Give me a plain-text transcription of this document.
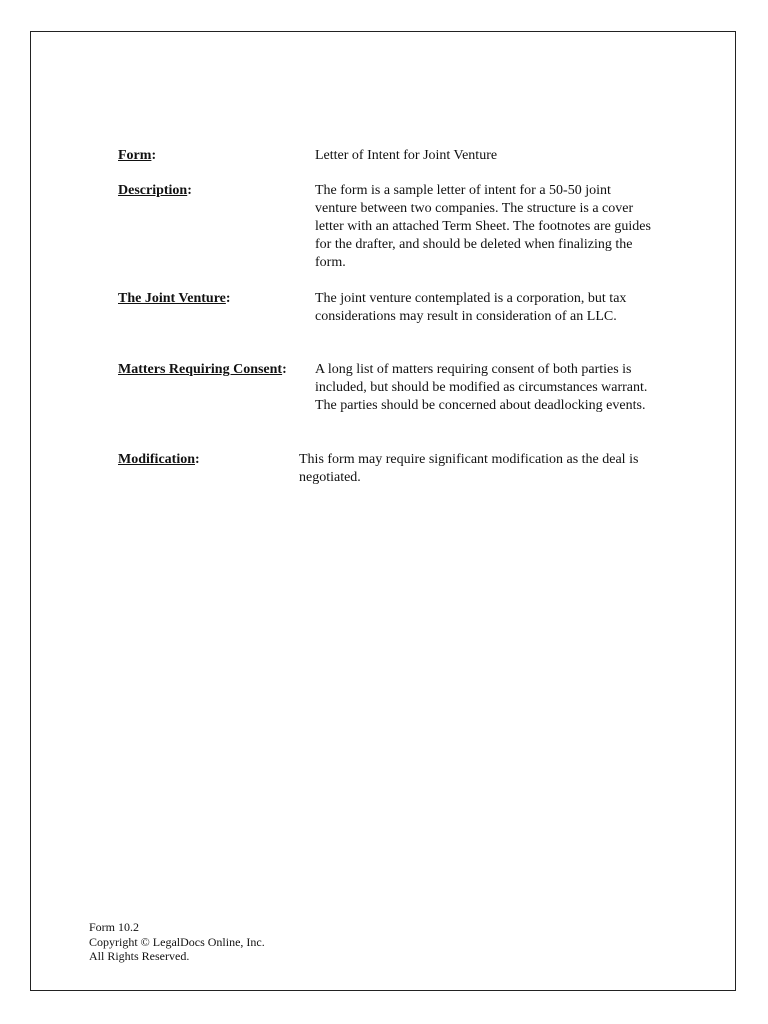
Form:	Letter of Intent for Joint Venture
Description:	The form is a sample letter of intent for a 50-50 joint venture between two companies. The structure is a cover letter with an attached Term Sheet. The footnotes are guides for the drafter, and should be deleted when finalizing the form.
The Joint Venture:	The joint venture contemplated is a corporation, but tax considerations may result in consideration of an LLC.
Matters Requiring Consent: A long list of matters requiring consent of both parties is included, but should be modified as circumstances warrant. The parties should be concerned about deadlocking events.
Modification:	This form may require significant modification as the deal is negotiated.
Form 10.2
Copyright © LegalDocs Online, Inc.
All Rights Reserved.
